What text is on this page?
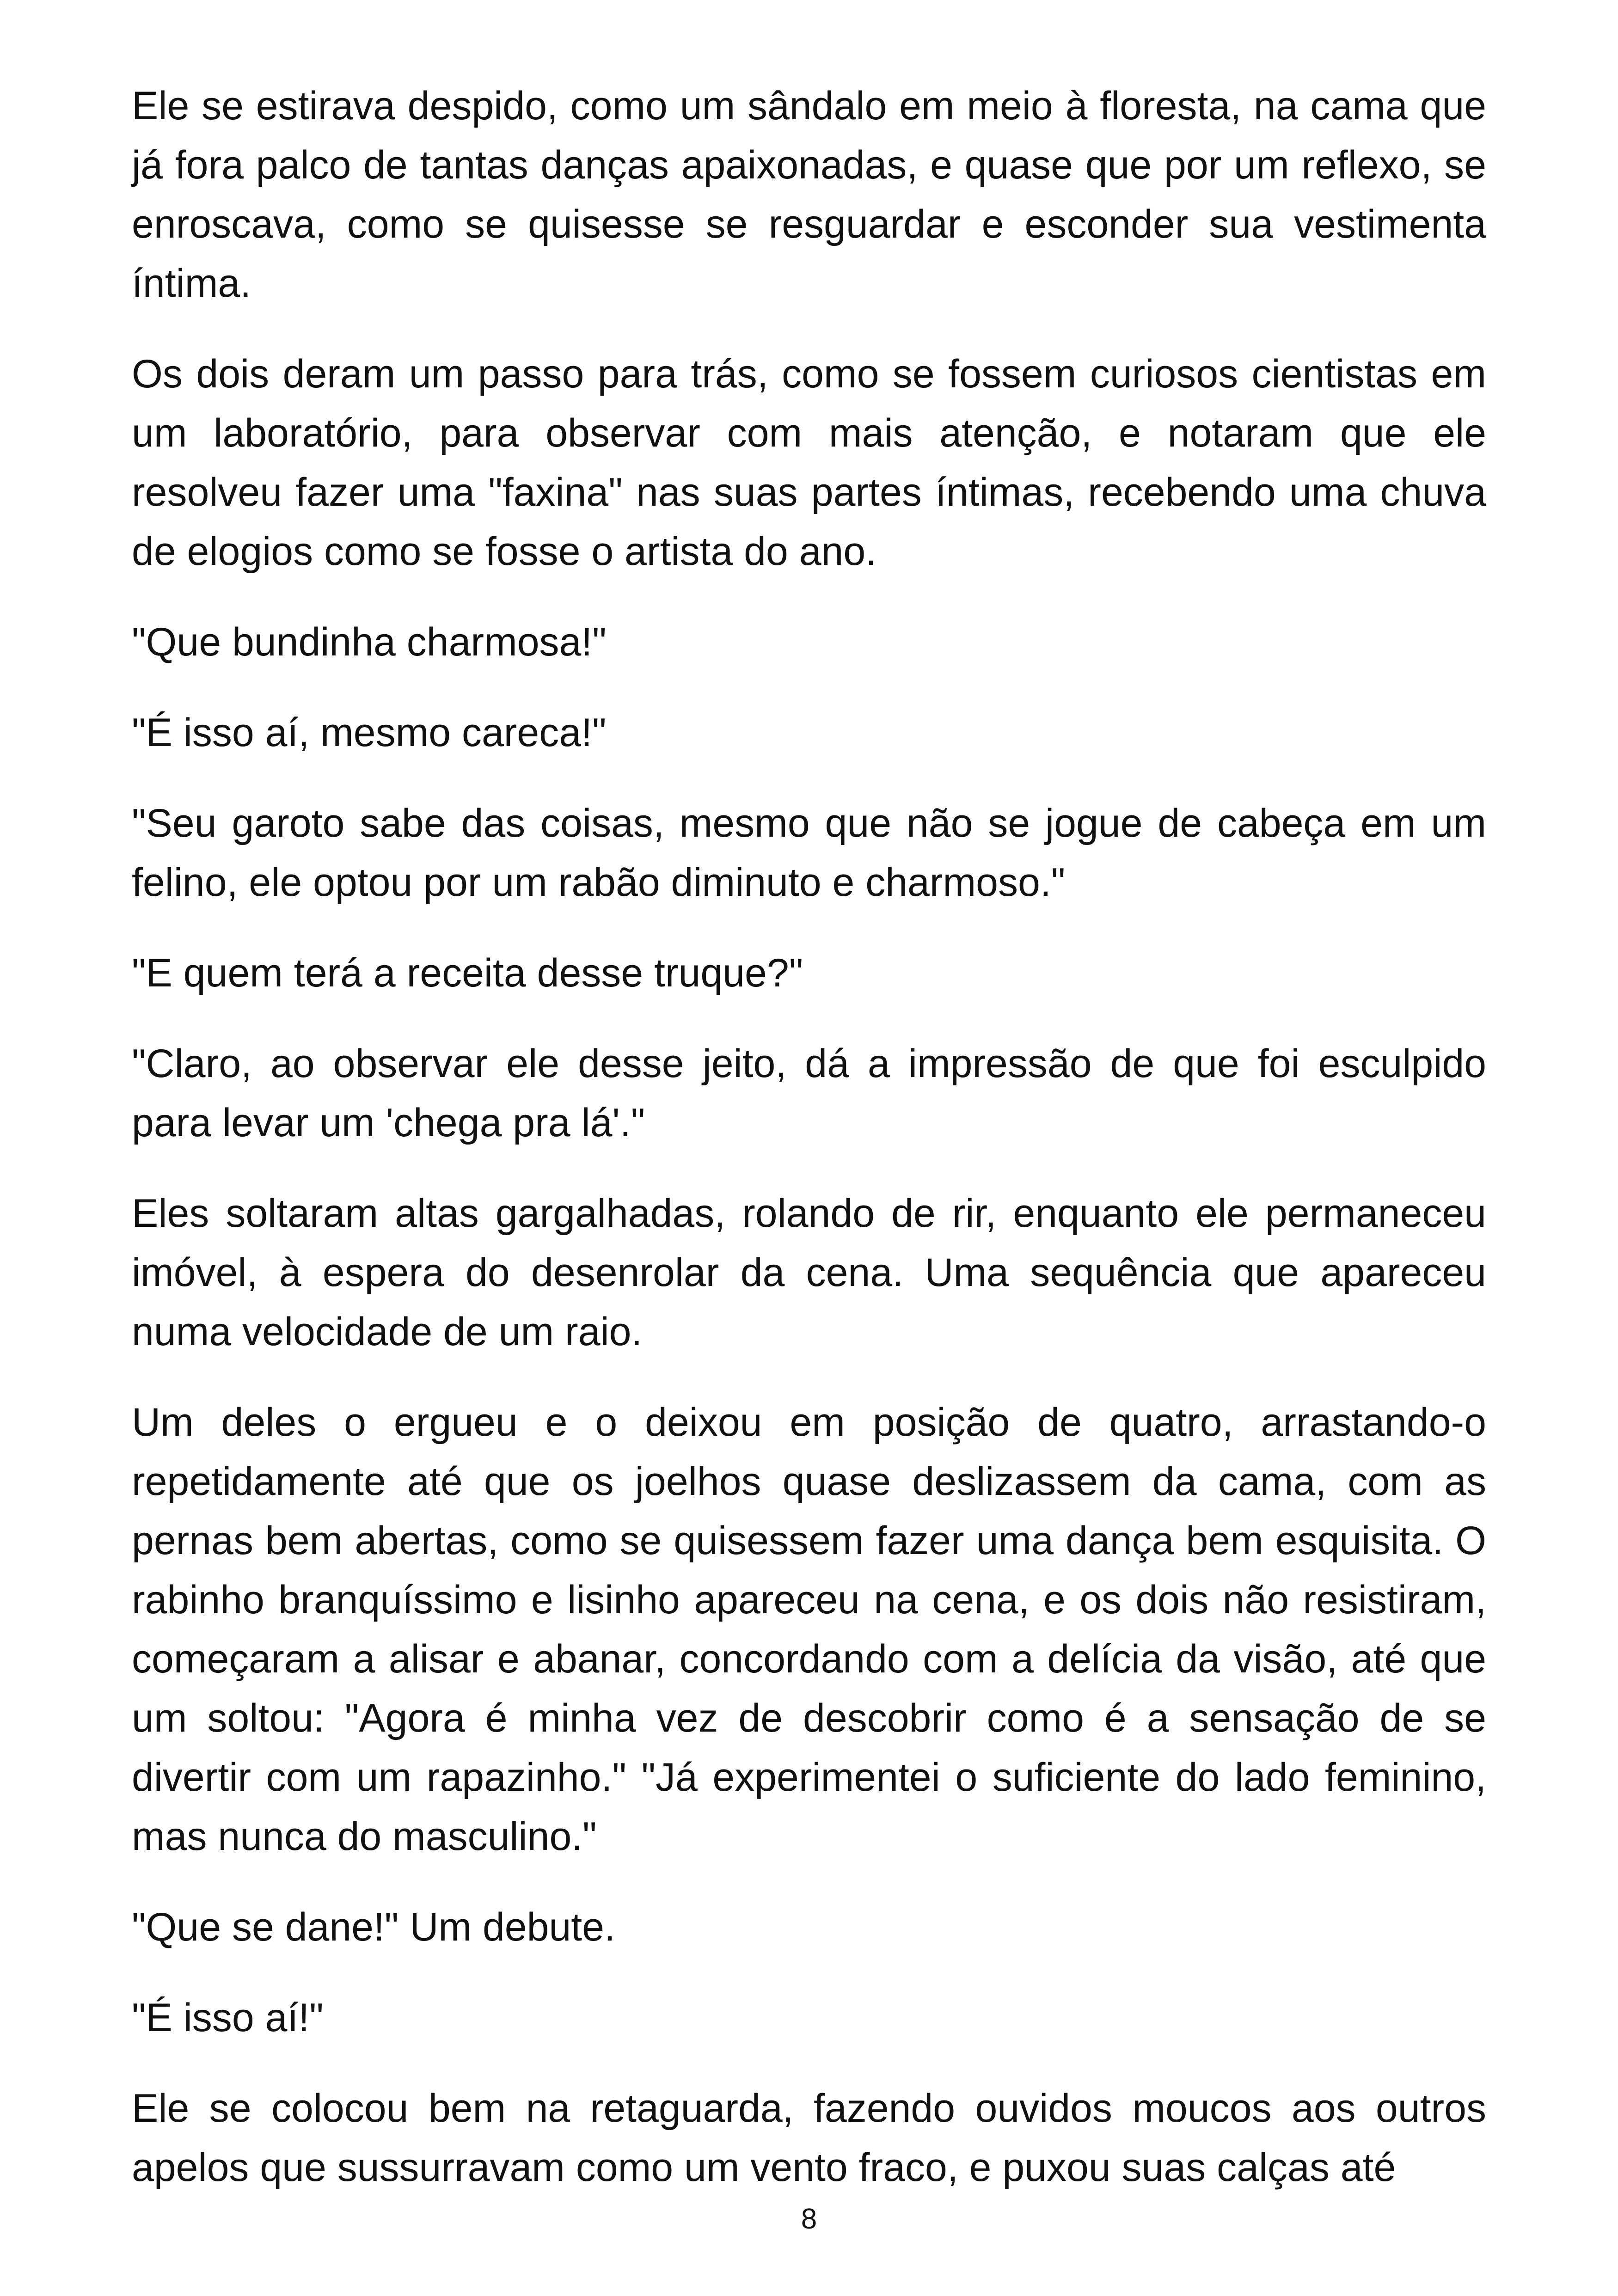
Ele se estirava despido, como um sândalo em meio à floresta, na cama que já fora palco de tantas danças apaixonadas, e quase que por um reflexo, se enroscava, como se quisesse se resguardar e esconder sua vestimenta íntima.

Os dois deram um passo para trás, como se fossem curiosos cientistas em um laboratório, para observar com mais atenção, e notaram que ele resolveu fazer uma "faxina" nas suas partes íntimas, recebendo uma chuva de elogios como se fosse o artista do ano.

"Que bundinha charmosa!"

"É isso aí, mesmo careca!"

"Seu garoto sabe das coisas, mesmo que não se jogue de cabeça em um felino, ele optou por um rabão diminuto e charmoso."

"E quem terá a receita desse truque?"

"Claro, ao observar ele desse jeito, dá a impressão de que foi esculpido para levar um 'chega pra lá'."

Eles soltaram altas gargalhadas, rolando de rir, enquanto ele permaneceu imóvel, à espera do desenrolar da cena. Uma sequência que apareceu numa velocidade de um raio.

Um deles o ergueu e o deixou em posição de quatro, arrastando-o repetidamente até que os joelhos quase deslizassem da cama, com as pernas bem abertas, como se quisessem fazer uma dança bem esquisita. O rabinho branquíssimo e lisinho apareceu na cena, e os dois não resistiram, começaram a alisar e abanar, concordando com a delícia da visão, até que um soltou: "Agora é minha vez de descobrir como é a sensação de se divertir com um rapazinho." "Já experimentei o suficiente do lado feminino, mas nunca do masculino."

"Que se dane!" Um debute.

"É isso aí!"

Ele se colocou bem na retaguarda, fazendo ouvidos moucos aos outros apelos que sussurravam como um vento fraco, e puxou suas calças até

8
